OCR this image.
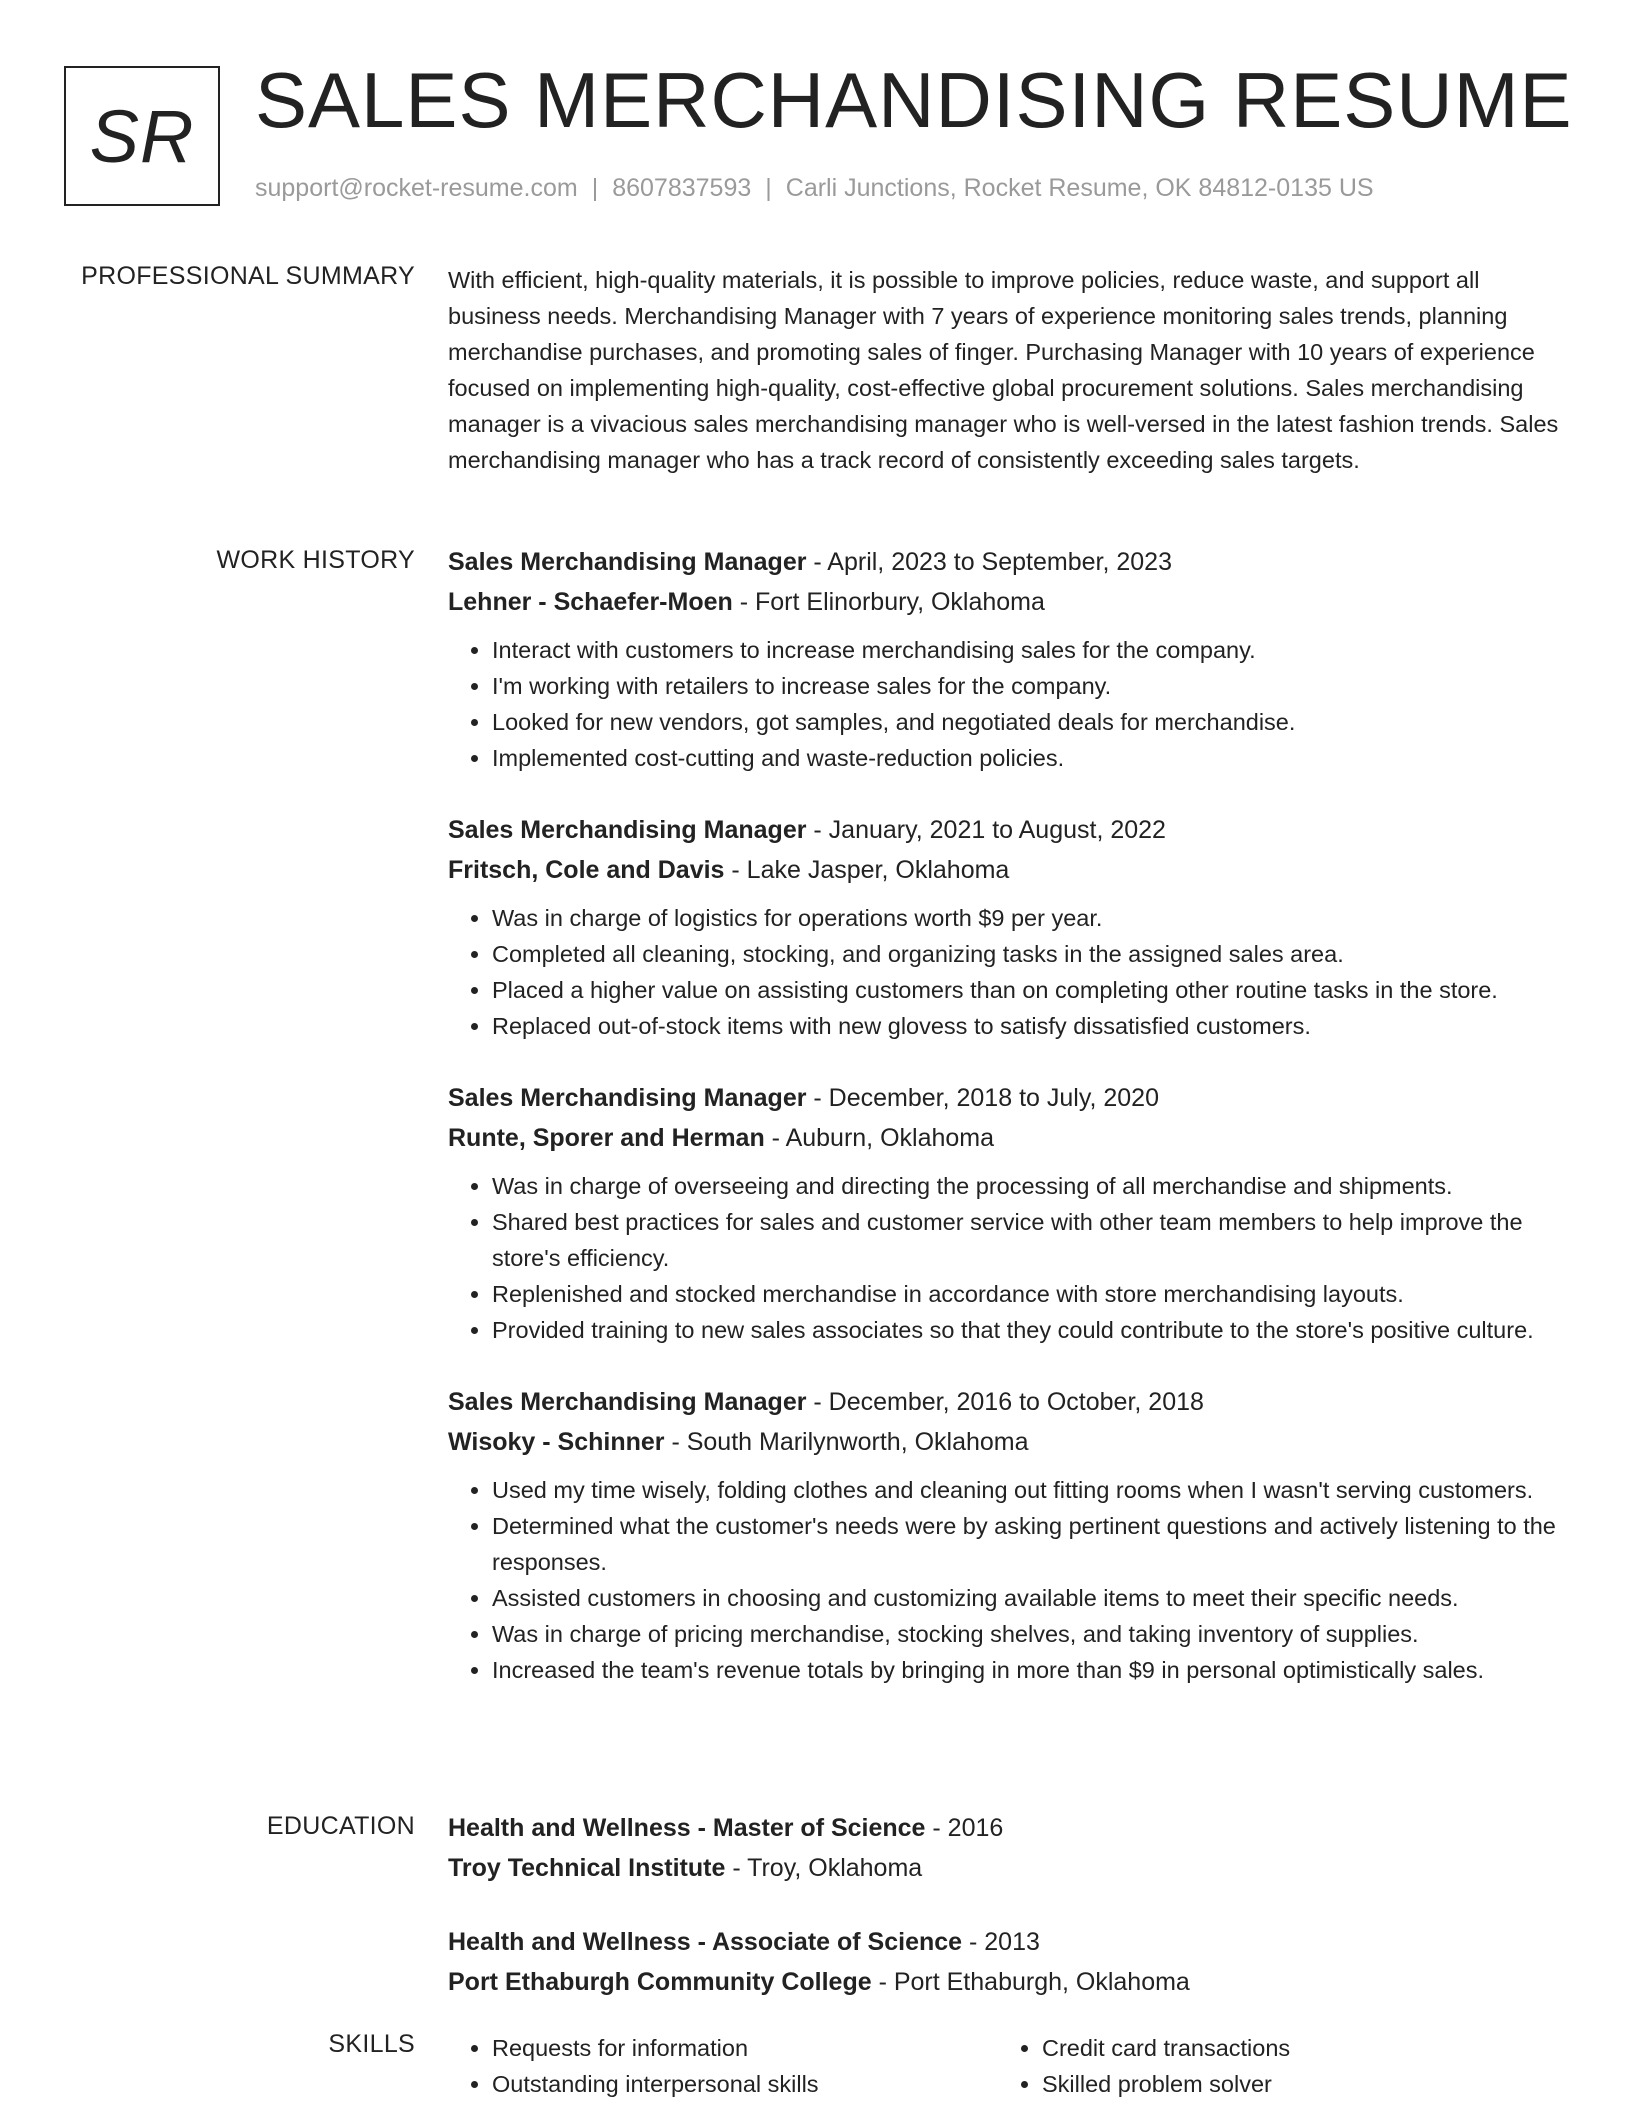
SR SALES MERCHANDISING RESUME
support@rocket-resume.com | 8607837593 | Carli Junctions, Rocket Resume, OK 84812-0135 US
PROFESSIONAL SUMMARY With efficient, high-quality materials, it is possible to improve policies, reduce waste, and support all business needs. Merchandising Manager with 7 years of experience monitoring sales trends, planning merchandise purchases, and promoting sales of finger. Purchasing Manager with 10 years of experience focused on implementing high-quality, cost-effective global procurement solutions. Sales merchandising manager is a vivacious sales merchandising manager who is well-versed in the latest fashion trends. Sales merchandising manager who has a track record of consistently exceeding sales targets.

WORK HISTORY Sales Merchandising Manager - April, 2023 to September, 2023
Lehner - Schaefer-Moen - Fort Elinorbury, Oklahoma
• Interact with customers to increase merchandising sales for the company.
• I'm working with retailers to increase sales for the company.
• Looked for new vendors, got samples, and negotiated deals for merchandise.
• Implemented cost-cutting and waste-reduction policies.
Sales Merchandising Manager - January, 2021 to August, 2022
Fritsch, Cole and Davis - Lake Jasper, Oklahoma
• Was in charge of logistics for operations worth $9 per year.
• Completed all cleaning, stocking, and organizing tasks in the assigned sales area.
• Placed a higher value on assisting customers than on completing other routine tasks in the store.
• Replaced out-of-stock items with new glovess to satisfy dissatisfied customers.
Sales Merchandising Manager - December, 2018 to July, 2020
Runte, Sporer and Herman - Auburn, Oklahoma
• Was in charge of overseeing and directing the processing of all merchandise and shipments.
• Shared best practices for sales and customer service with other team members to help improve the store's efficiency.
• Replenished and stocked merchandise in accordance with store merchandising layouts.
• Provided training to new sales associates so that they could contribute to the store's positive culture.
Sales Merchandising Manager - December, 2016 to October, 2018
Wisoky - Schinner - South Marilynworth, Oklahoma
• Used my time wisely, folding clothes and cleaning out fitting rooms when I wasn't serving customers.
• Determined what the customer's needs were by asking pertinent questions and actively listening to the responses.
• Assisted customers in choosing and customizing available items to meet their specific needs.
• Was in charge of pricing merchandise, stocking shelves, and taking inventory of supplies.
• Increased the team's revenue totals by bringing in more than $9 in personal optimistically sales.
EDUCATION Health and Wellness - Master of Science - 2016
Troy Technical Institute - Troy, Oklahoma
Health and Wellness - Associate of Science - 2013
Port Ethaburgh Community College - Port Ethaburgh, Oklahoma
SKILLS
•	Requests for information
• Outstanding interpersonal skills
• Credit card transactions
• Skilled problem solver
